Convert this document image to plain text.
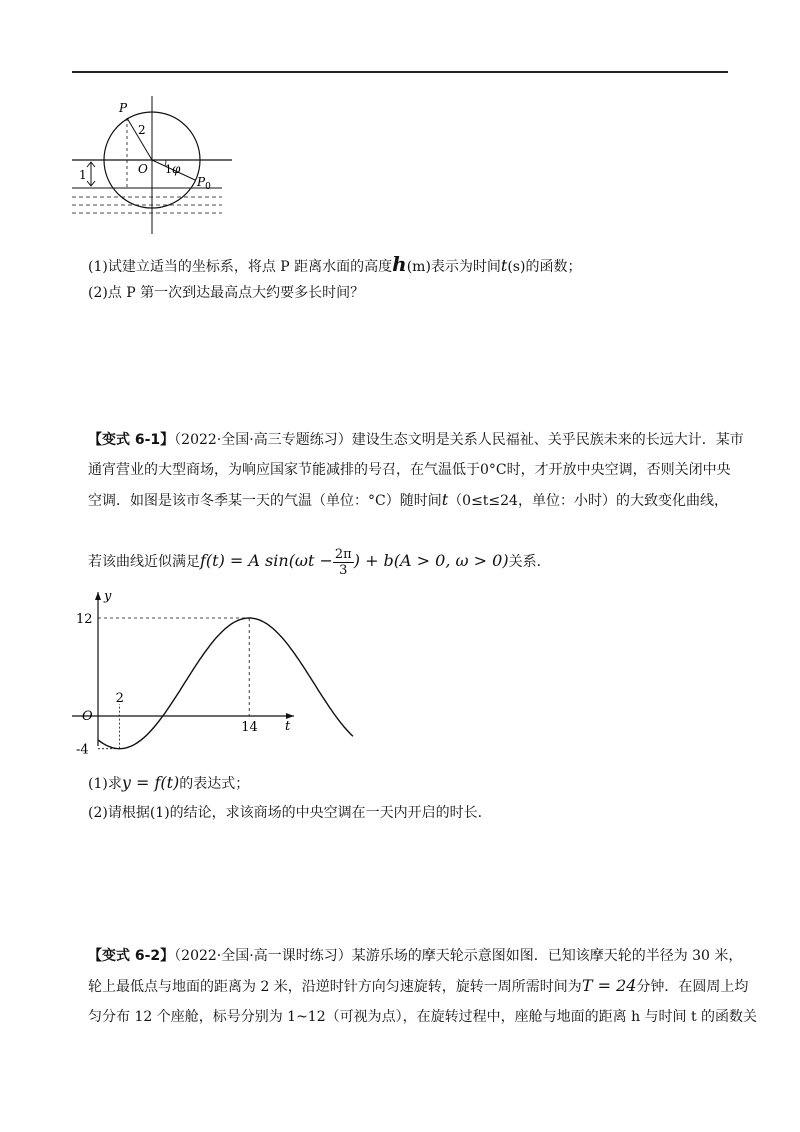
P
2
O 1 φ
$P_0$
1
(1)试建立适当的坐标系，将点 P 距离水面的高度h(m)表示为时间t(s)的函数；
(2)点 P 第一次到达最高点大约要多长时间？

【变式 6-1】（2022·全国·高三专题练习）建设生态文明是关系人民福祉、关乎民族未来的长远大计．某市

通宵营业的大型商场，为响应国家节能减排的号召，在气温低于0°C时，才开放中央空调，否则关闭中央

空调．如图是该市冬季某一天的气温（单位：°C）随时间t（0≤t≤24，单位：小时）的大致变化曲线，

若该曲线近似满足f(t) = A $\sin(\omega t - \frac{2\pi}{3}$ ) + b(A > 0, ω > 0)关系．
y
t
O
12
-4
2
14
(1)求y = f(t)的表达式；
(2)请根据(1)的结论，求该商场的中央空调在一天内开启的时长．

【变式 6-2】（2022·全国·高一课时练习）某游乐场的摩天轮示意图如图．已知该摩天轮的半径为 30 米，

轮上最低点与地面的距离为 2 米，沿逆时针方向匀速旋转，旋转一周所需时间为T = 24分钟．在圆周上均

匀分布 12 个座舱，标号分别为 1~12（可视为点），在旋转过程中，座舱与地面的距离 h 与时间 t 的函数关
